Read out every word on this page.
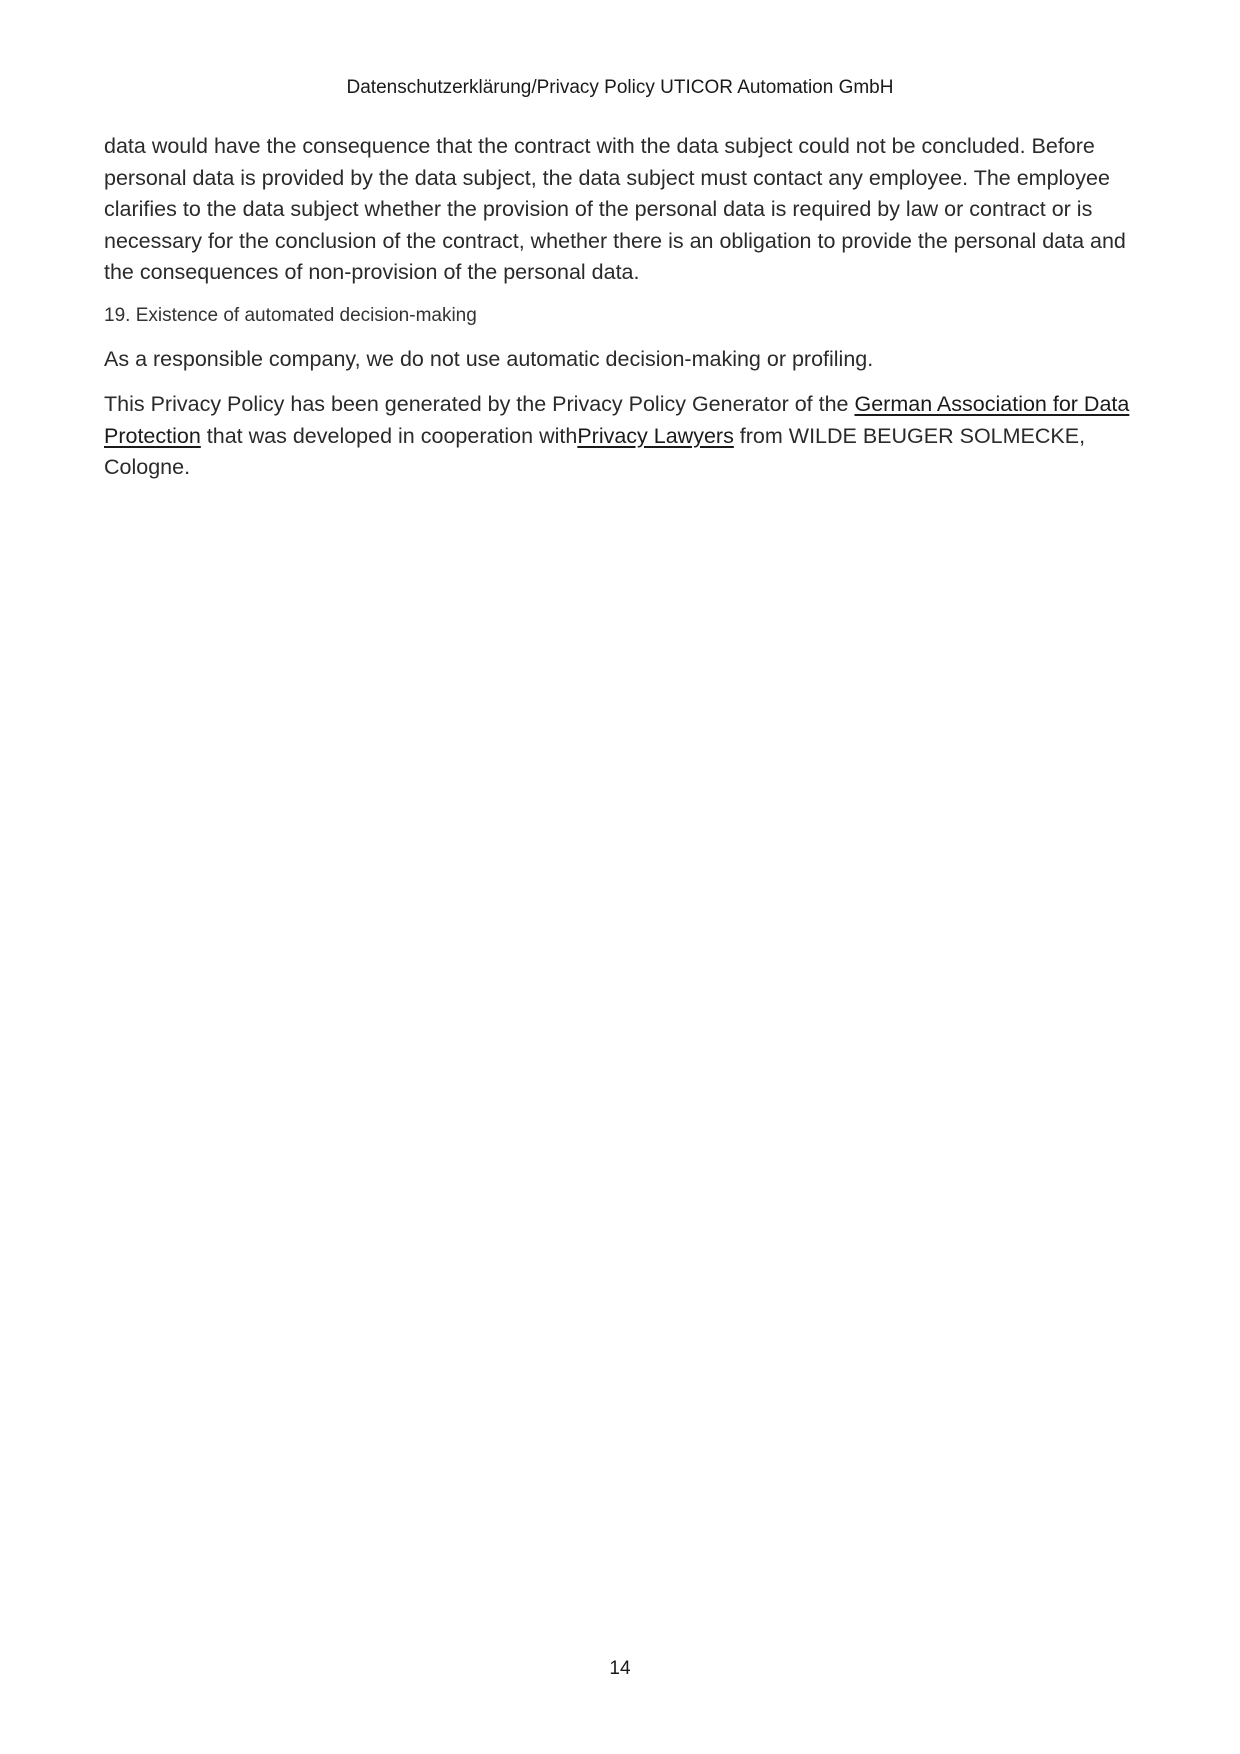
Datenschutzerklärung/Privacy Policy UTICOR Automation GmbH

data would have the consequence that the contract with the data subject could not be concluded. Before personal data is provided by the data subject, the data subject must contact any employee. The employee clarifies to the data subject whether the provision of the personal data is required by law or contract or is necessary for the conclusion of the contract, whether there is an obligation to provide the personal data and the consequences of non-provision of the personal data.

19. Existence of automated decision-making

As a responsible company, we do not use automatic decision-making or profiling.

This Privacy Policy has been generated by the Privacy Policy Generator of the German Association for Data Protection that was developed in cooperation withPrivacy Lawyers from WILDE BEUGER SOLMECKE, Cologne.

14
